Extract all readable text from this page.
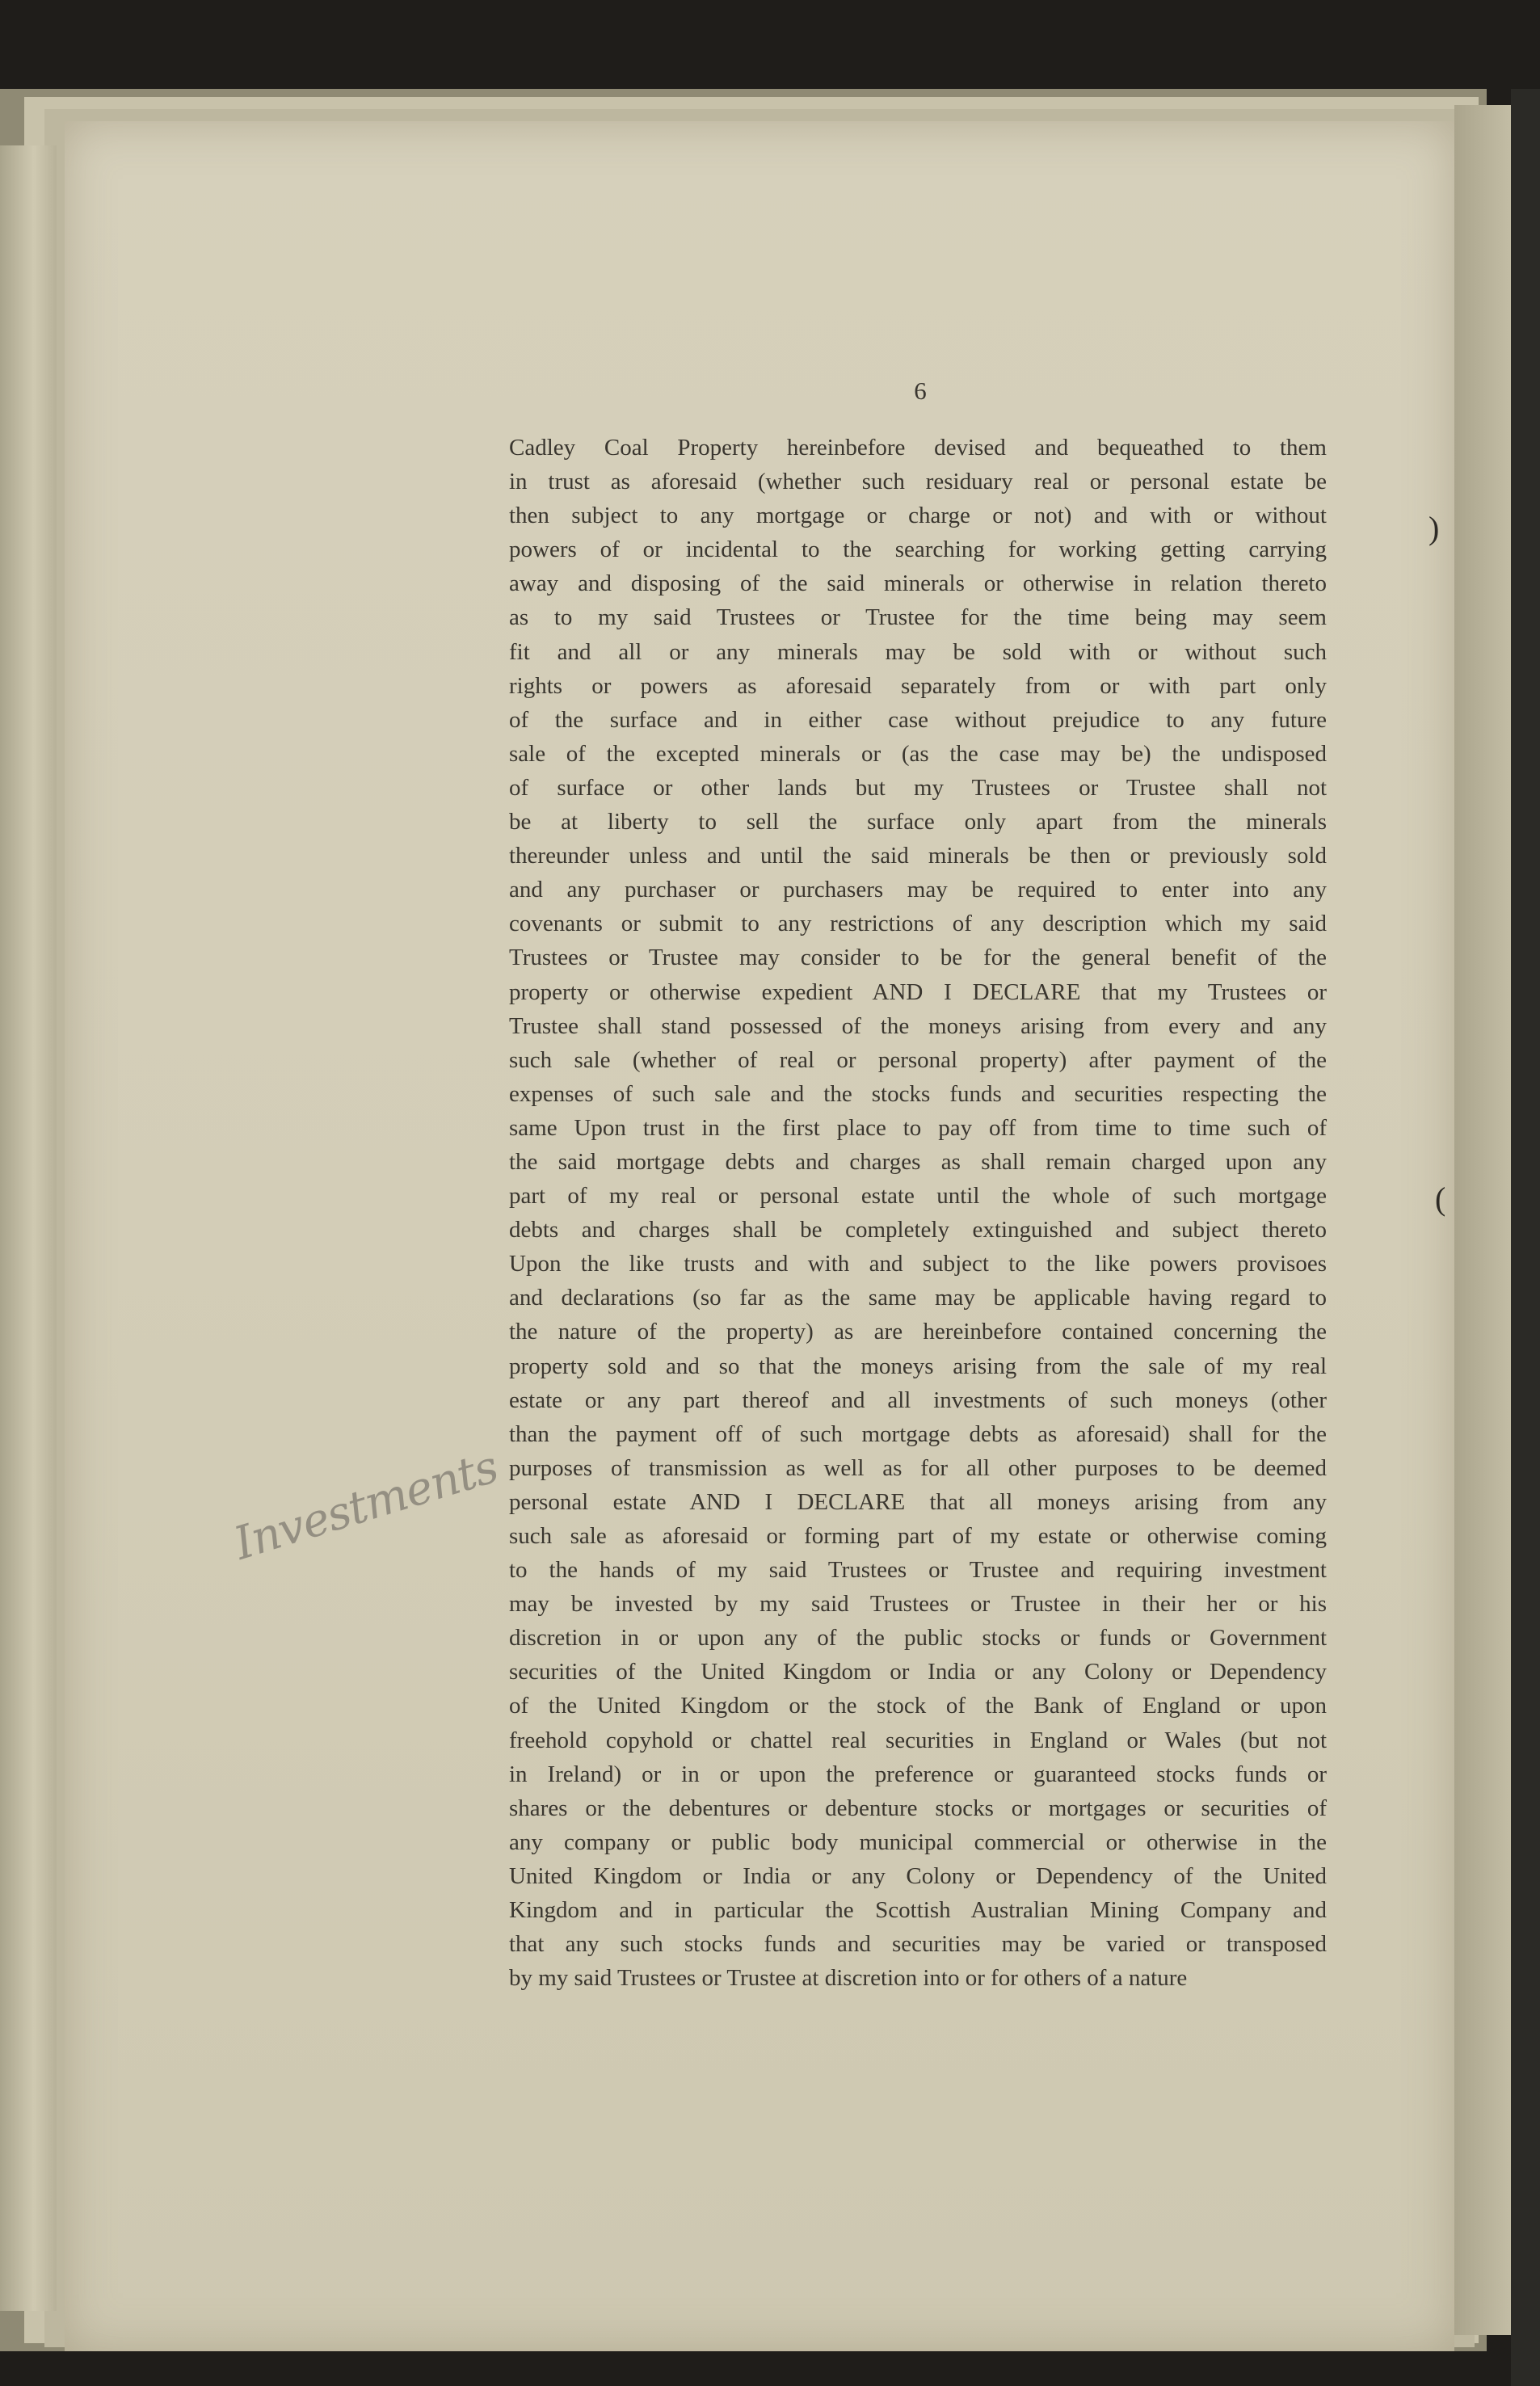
6
Cadley Coal Property hereinbefore devised and bequeathed to them
in trust as aforesaid (whether such residuary real or personal estate be
then subject to any mortgage or charge or not) and with or without
powers of or incidental to the searching for working getting carrying
away and disposing of the said minerals or otherwise in relation thereto
as to my said Trustees or Trustee for the time being may seem
fit and all or any minerals may be sold with or without such
rights or powers as aforesaid separately from or with part only
of the surface and in either case without prejudice to any future
sale of the excepted minerals or (as the case may be) the undisposed
of surface or other lands but my Trustees or Trustee shall not
be at liberty to sell the surface only apart from the minerals
thereunder unless and until the said minerals be then or previously sold
and any purchaser or purchasers may be required to enter into any
covenants or submit to any restrictions of any description which my said
Trustees or Trustee may consider to be for the general benefit of the
property or otherwise expedient AND I DECLARE that my Trustees or
Trustee shall stand possessed of the moneys arising from every and any
such sale (whether of real or personal property) after payment of the
expenses of such sale and the stocks funds and securities respecting the
same Upon trust in the first place to pay off from time to time such of
the said mortgage debts and charges as shall remain charged upon any
part of my real or personal estate until the whole of such mortgage
debts and charges shall be completely extinguished and subject thereto
Upon the like trusts and with and subject to the like powers provisoes
and declarations (so far as the same may be applicable having regard to
the nature of the property) as are hereinbefore contained concerning the
property sold and so that the moneys arising from the sale of my real
estate or any part thereof and all investments of such moneys (other
than the payment off of such mortgage debts as aforesaid) shall for the
purposes of transmission as well as for all other purposes to be deemed
personal estate AND I DECLARE that all moneys arising from any
such sale as aforesaid or forming part of my estate or otherwise coming
to the hands of my said Trustees or Trustee and requiring investment
may be invested by my said Trustees or Trustee in their her or his
discretion in or upon any of the public stocks or funds or Government
securities of the United Kingdom or India or any Colony or Dependency
of the United Kingdom or the stock of the Bank of England or upon
freehold copyhold or chattel real securities in England or Wales (but not
in Ireland) or in or upon the preference or guaranteed stocks funds or
shares or the debentures or debenture stocks or mortgages or securities of
any company or public body municipal commercial or otherwise in the
United Kingdom or India or any Colony or Dependency of the United
Kingdom and in particular the Scottish Australian Mining Company and
that any such stocks funds and securities may be varied or transposed
by my said Trustees or Trustee at discretion into or for others of a nature
Investments
)
(
